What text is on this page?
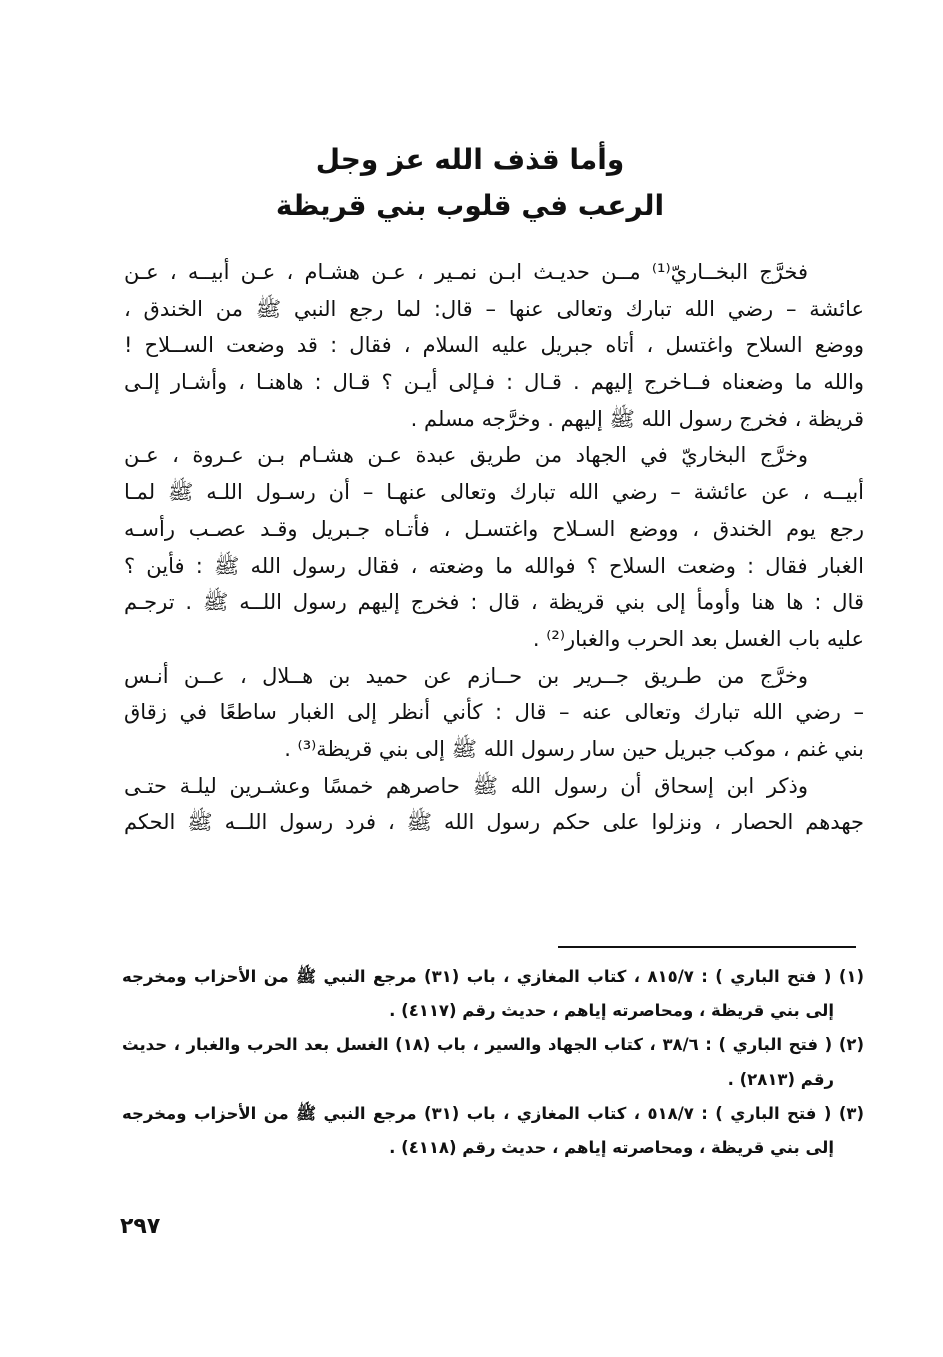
وأما قذف الله عز وجل
الرعب في قلوب بني قريظة
فخرَّج البخــاريّ⁽¹⁾ مــن حديـث ابـن نمـير ، عـن هشـام ، عـن أبيــه ، عـن
عائشة – رضي الله تبارك وتعالى عنها – قال: لما رجع النبي ﷺ من الخندق ،
ووضع السلاح واغتسل ، أتاه جبريل عليه السلام ، فقال : قد وضعت الســلاح !
والله ما وضعناه فــاخرج إليهم . قـال : فـإلى أيـن ؟ قـال : هاهنـا ، وأشـار إلـى
قريظة ، فخرج رسول الله ﷺ إليهم . وخرَّجه مسلم .
وخرَّج البخاريّ في الجهاد من طريق عبدة عـن هشـام بـن عـروة ، عـن
أبيــه ، عن عائشة – رضي الله تبارك وتعالى عنهـا – أن رسـول اللـه ﷺ لمـا
رجع يوم الخندق ، ووضع السـلاح واغتسـل ، فأتـاه جـبريل وقـد عصـب رأسـه
الغبار فقال : وضعت السلاح ؟ فوالله ما وضعته ، فقال رسول الله ﷺ : فأين ؟
قال : ها هنا وأومأ إلى بني قريظة ، قال : فخرج إليهم رسول اللــه ﷺ . ترجـم
عليه باب الغسل بعد الحرب والغبار⁽²⁾ .
وخرَّج من طـريق جــرير بن حــازم عن حميد بن هــلال ، عــن أنـس
– رضي الله تبارك وتعالى عنه – قال : كأني أنظر إلى الغبار ساطعًا في زقاق
بني غنم ، موكب جبريل حين سار رسول الله ﷺ إلى بني قريظة⁽³⁾ .
وذكر ابن إسحاق أن رسول الله ﷺ حاصرهم خمسًا وعشـرين ليلـة حتـى
جهدهم الحصار ، ونزلوا على حكم رسول الله ﷺ ، فرد رسول اللــه ﷺ الحكم
(١) ( فتح الباري ) : ٨١٥/٧ ، كتاب المغازي ، باب (٣١) مرجع النبي ﷺ من الأحزاب ومخرجه
إلى بني قريظة ، ومحاصرته إياهم ، حديث رقم (٤١١٧) .
(٢) ( فتح الباري ) : ٣٨/٦ ، كتاب الجهاد والسير ، باب (١٨) الغسل بعد الحرب والغبار ، حديث
رقم (٢٨١٣) .
(٣) ( فتح الباري ) : ٥١٨/٧ ، كتاب المغازي ، باب (٣١) مرجع النبي ﷺ من الأحزاب ومخرجه
إلى بني قريظة ، ومحاصرته إياهم ، حديث رقم (٤١١٨) .
٢٩٧
